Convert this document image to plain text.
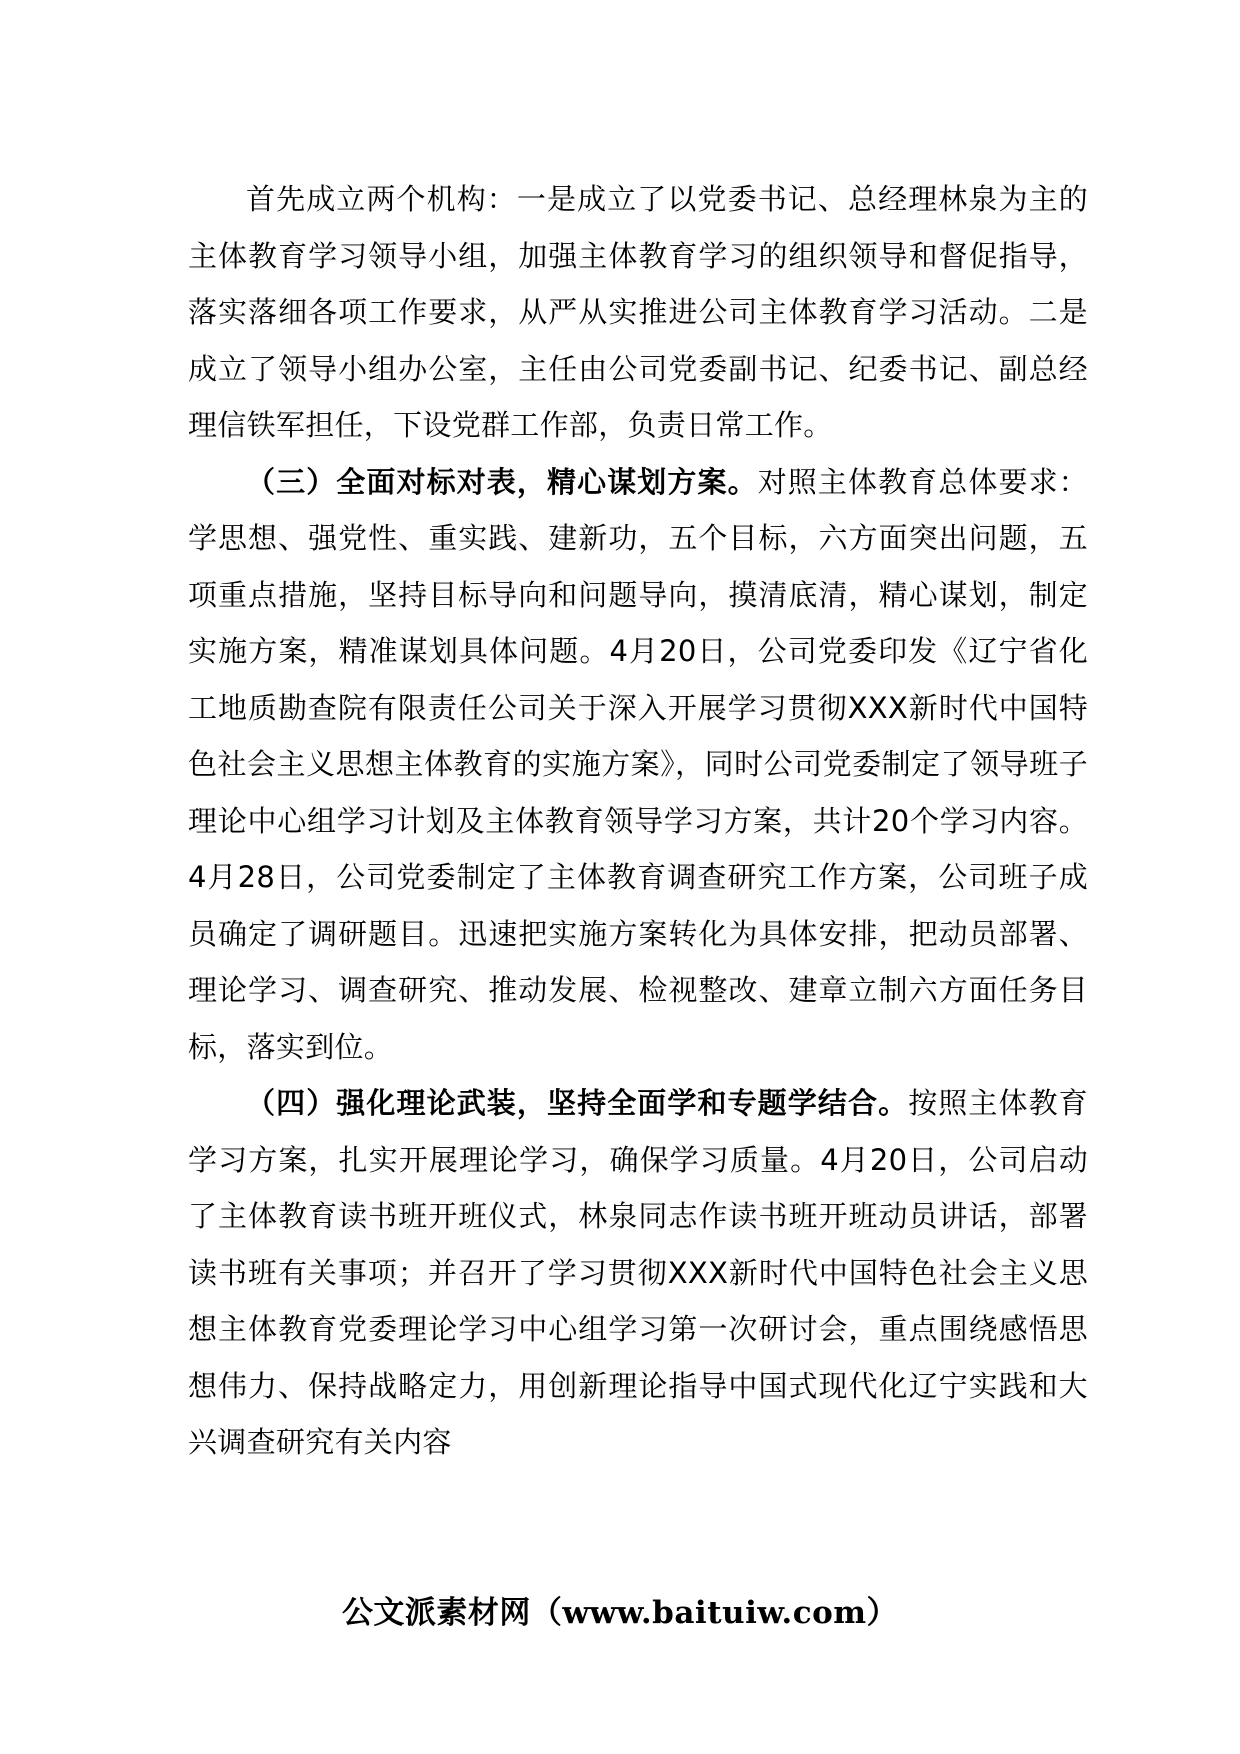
首先成立两个机构：一是成立了以党委书记、总经理林泉为主的主体教育学习领导小组，加强主体教育学习的组织领导和督促指导，落实落细各项工作要求，从严从实推进公司主体教育学习活动。二是成立了领导小组办公室，主任由公司党委副书记、纪委书记、副总经理信铁军担任，下设党群工作部，负责日常工作。

（三）全面对标对表，精心谋划方案。对照主体教育总体要求：学思想、强党性、重实践、建新功，五个目标，六方面突出问题，五项重点措施，坚持目标导向和问题导向，摸清底清，精心谋划，制定实施方案，精准谋划具体问题。4月20日，公司党委印发《辽宁省化工地质勘查院有限责任公司关于深入开展学习贯彻XXX新时代中国特色社会主义思想主体教育的实施方案》，同时公司党委制定了领导班子理论中心组学习计划及主体教育领导学习方案，共计20个学习内容。4月28日，公司党委制定了主体教育调查研究工作方案，公司班子成员确定了调研题目。迅速把实施方案转化为具体安排，把动员部署、理论学习、调查研究、推动发展、检视整改、建章立制六方面任务目标，落实到位。

（四）强化理论武装，坚持全面学和专题学结合。按照主体教育学习方案，扎实开展理论学习，确保学习质量。4月20日，公司启动了主体教育读书班开班仪式，林泉同志作读书班开班动员讲话，部署读书班有关事项；并召开了学习贯彻XXX新时代中国特色社会主义思想主体教育党委理论学习中心组学习第一次研讨会，重点围绕感悟思想伟力、保持战略定力，用创新理论指导中国式现代化辽宁实践和大兴调查研究有关内容

公文派素材网（www.baituiw.com）
